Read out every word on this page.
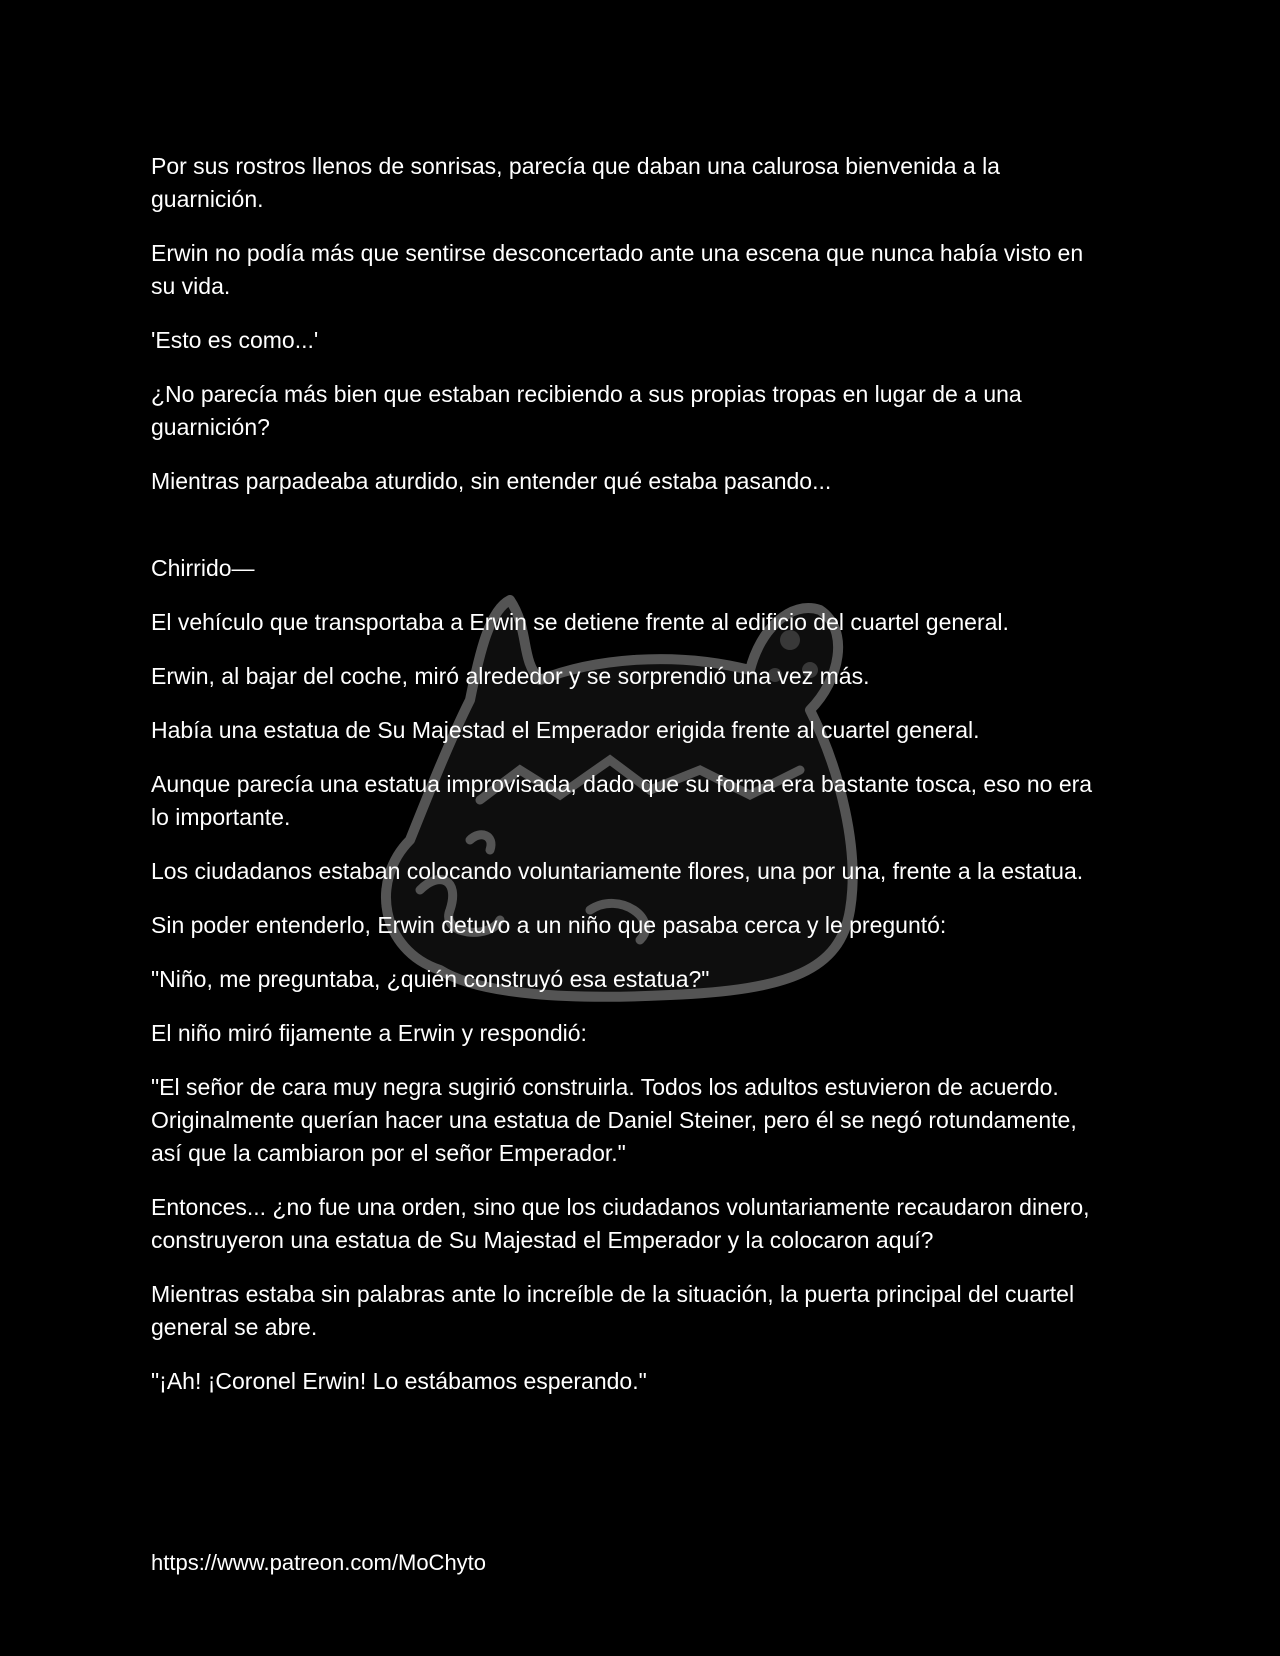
Por sus rostros llenos de sonrisas, parecía que daban una calurosa bienvenida a la guarnición.

Erwin no podía más que sentirse desconcertado ante una escena que nunca había visto en su vida.

'Esto es como...'

¿No parecía más bien que estaban recibiendo a sus propias tropas en lugar de a una guarnición?

Mientras parpadeaba aturdido, sin entender qué estaba pasando...

Chirrido—

El vehículo que transportaba a Erwin se detiene frente al edificio del cuartel general.

Erwin, al bajar del coche, miró alrededor y se sorprendió una vez más.

Había una estatua de Su Majestad el Emperador erigida frente al cuartel general.

Aunque parecía una estatua improvisada, dado que su forma era bastante tosca, eso no era lo importante.

Los ciudadanos estaban colocando voluntariamente flores, una por una, frente a la estatua.

Sin poder entenderlo, Erwin detuvo a un niño que pasaba cerca y le preguntó:

"Niño, me preguntaba, ¿quién construyó esa estatua?"

El niño miró fijamente a Erwin y respondió:

"El señor de cara muy negra sugirió construirla. Todos los adultos estuvieron de acuerdo. Originalmente querían hacer una estatua de Daniel Steiner, pero él se negó rotundamente, así que la cambiaron por el señor Emperador."

Entonces... ¿no fue una orden, sino que los ciudadanos voluntariamente recaudaron dinero, construyeron una estatua de Su Majestad el Emperador y la colocaron aquí?

Mientras estaba sin palabras ante lo increíble de la situación, la puerta principal del cuartel general se abre.

"¡Ah! ¡Coronel Erwin! Lo estábamos esperando."

https://www.patreon.com/MoChyto
